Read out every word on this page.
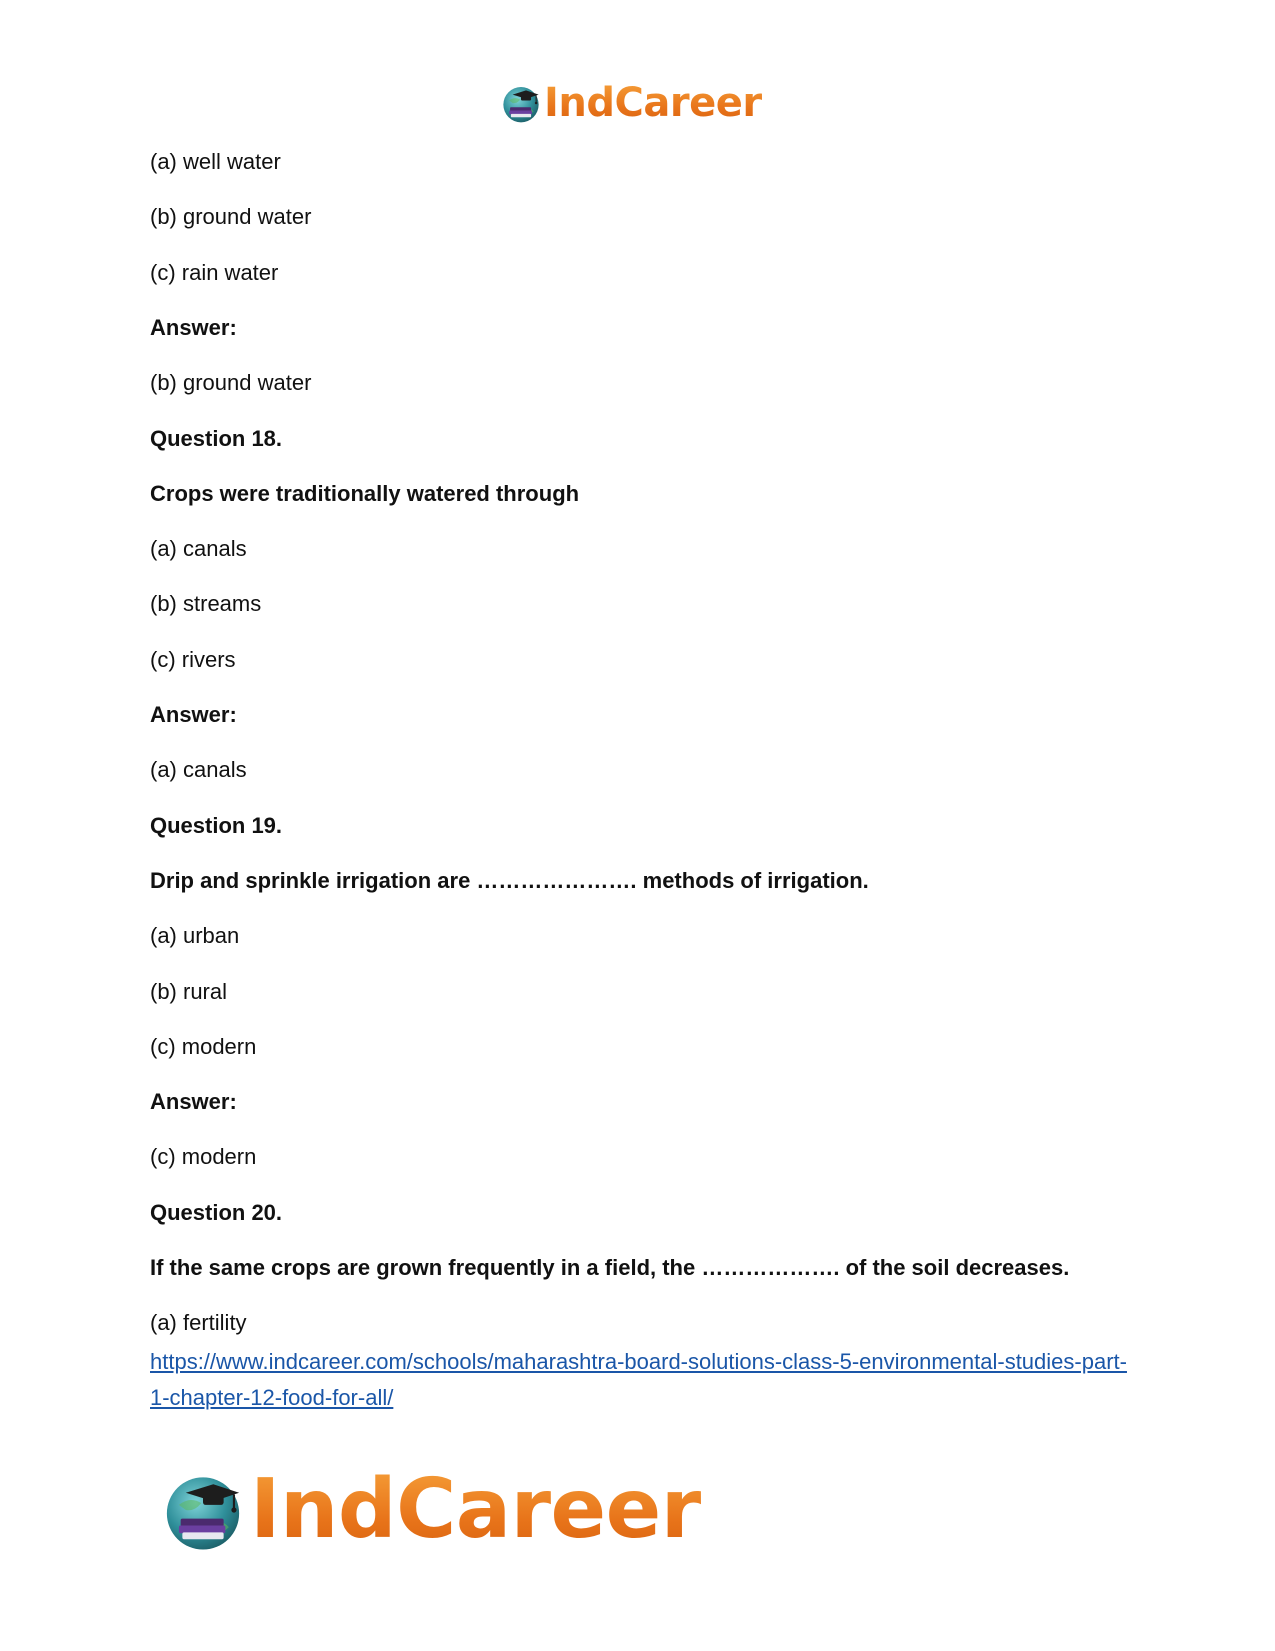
IndCareer
(a) well water
(b) ground water
(c) rain water
Answer:
(b) ground water
Question 18.
Crops were traditionally watered through
(a) canals
(b) streams
(c) rivers
Answer:
(a) canals
Question 19.
Drip and sprinkle irrigation are …………………. methods of irrigation.
(a) urban
(b) rural
(c) modern
Answer:
(c) modern
Question 20.
If the same crops are grown frequently in a field, the ………………. of the soil decreases.
(a) fertility
https://www.indcareer.com/schools/maharashtra-board-solutions-class-5-environmental-studies-part-1-chapter-12-food-for-all/
IndCareer
